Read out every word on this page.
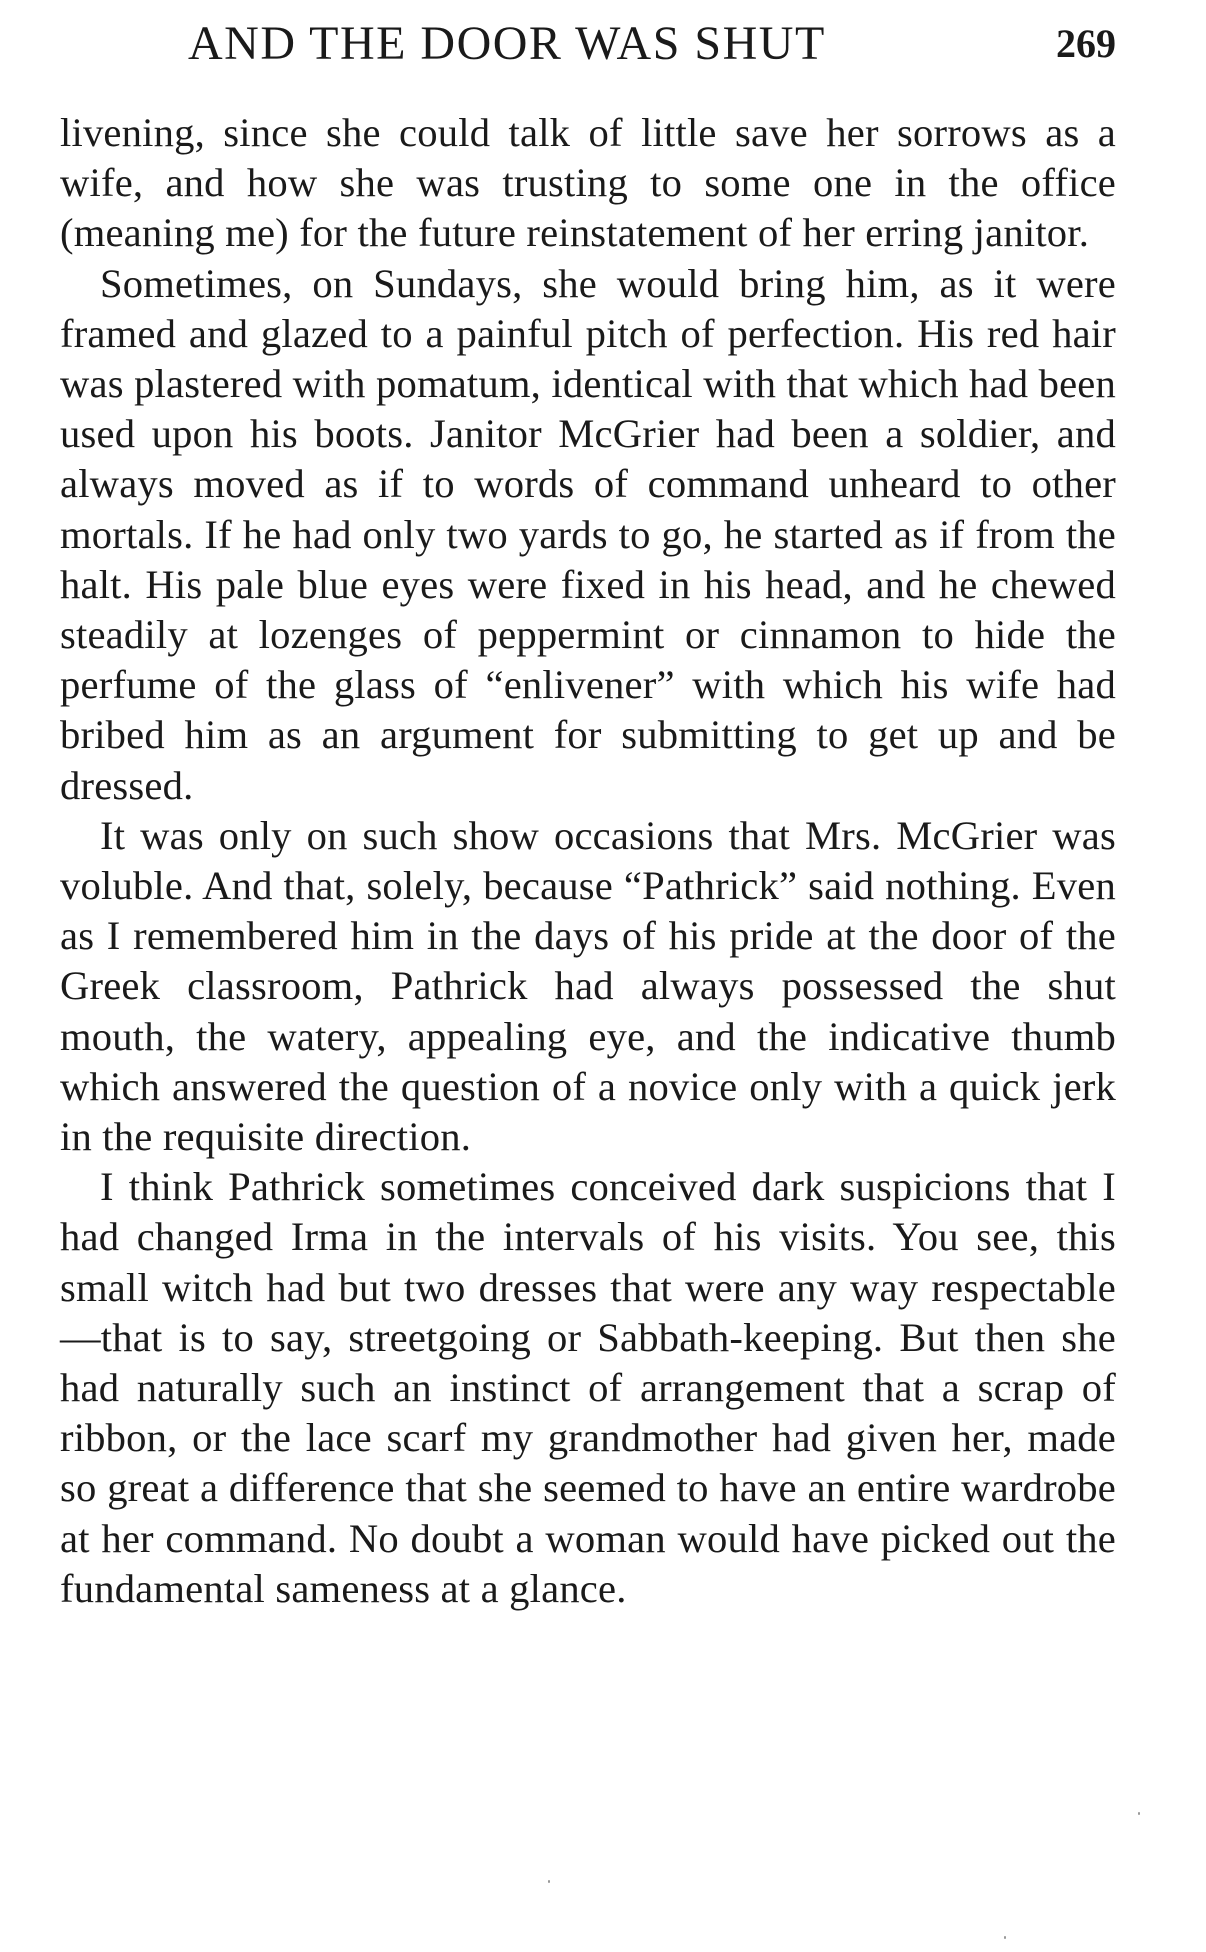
AND THE DOOR WAS SHUT	269

livening, since she could talk of little save her sorrows as a wife, and how she was trusting to some one in the office (meaning me) for the future reinstatement of her erring janitor.

Sometimes, on Sundays, she would bring him, as it were framed and glazed to a painful pitch of perfection. His red hair was plastered with pomatum, identical with that which had been used upon his boots. Janitor McGrier had been a soldier, and always moved as if to words of command unheard to other mortals. If he had only two yards to go, he started as if from the halt. His pale blue eyes were fixed in his head, and he chewed steadily at lozenges of peppermint or cinnamon to hide the perfume of the glass of “enlivener” with which his wife had bribed him as an argument for submitting to get up and be dressed.

It was only on such show occasions that Mrs. McGrier was voluble. And that, solely, because “Pathrick” said nothing. Even as I remembered him in the days of his pride at the door of the Greek classroom, Pathrick had always possessed the shut mouth, the watery, appealing eye, and the indicative thumb which answered the question of a novice only with a quick jerk in the requisite direction.

I think Pathrick sometimes conceived dark suspicions that I had changed Irma in the intervals of his visits. You see, this small witch had but two dresses that were any way respectable—that is to say, streetgoing or Sabbath-keeping. But then she had naturally such an instinct of arrangement that a scrap of ribbon, or the lace scarf my grandmother had given her, made so great a difference that she seemed to have an entire wardrobe at her command. No doubt a woman would have picked out the fundamental sameness at a glance.
